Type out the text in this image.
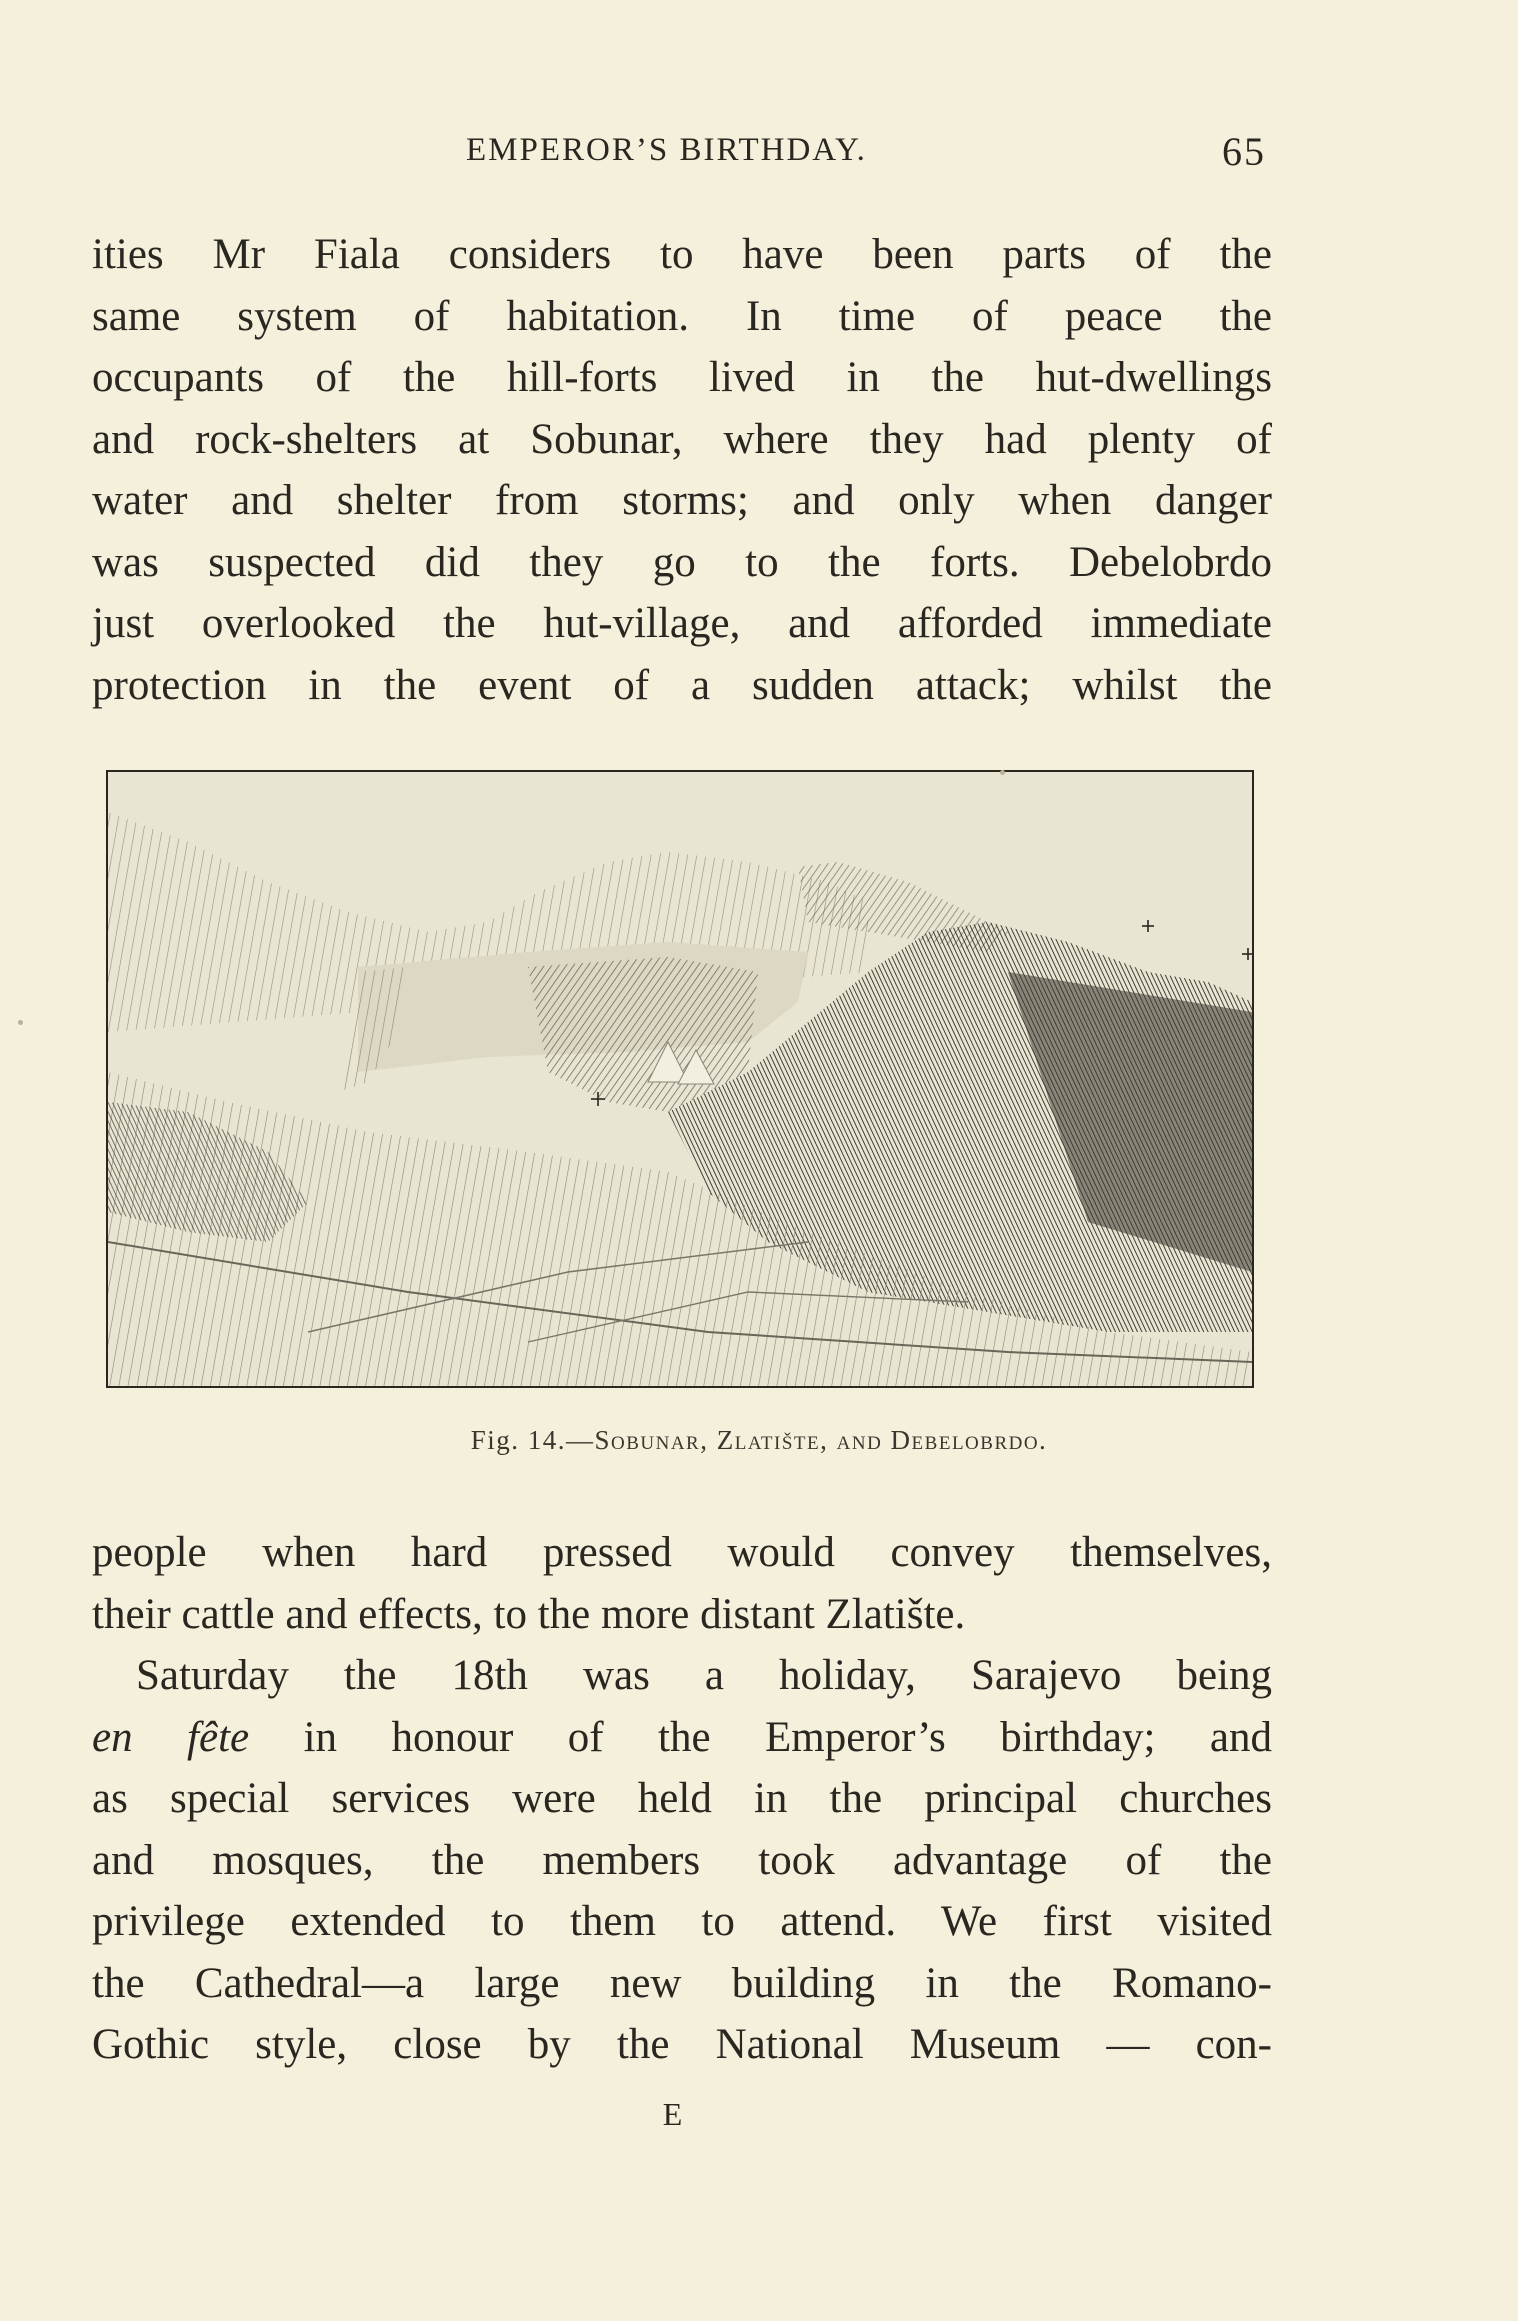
EMPEROR’S BIRTHDAY.	65
ities Mr Fiala considers to have been parts of the
same system of habitation. In time of peace the
occupants of the hill-forts lived in the hut-dwellings
and rock-shelters at Sobunar, where they had plenty of
water and shelter from storms; and only when danger
was suspected did they go to the forts. Debelobrdo
just overlooked the hut-village, and afforded immediate
protection in the event of a sudden attack; whilst the
Fig. 14.—Sobunar, Zlatište, and Debelobrdo.
people when hard pressed would convey themselves,
their cattle and effects, to the more distant Zlatište.
Saturday the 18th was a holiday, Sarajevo being
en fête in honour of the Emperor’s birthday; and
as special services were held in the principal churches
and mosques, the members took advantage of the
privilege extended to them to attend. We first visited
the Cathedral—a large new building in the Romano-
Gothic style, close by the National Museum — con-
E
